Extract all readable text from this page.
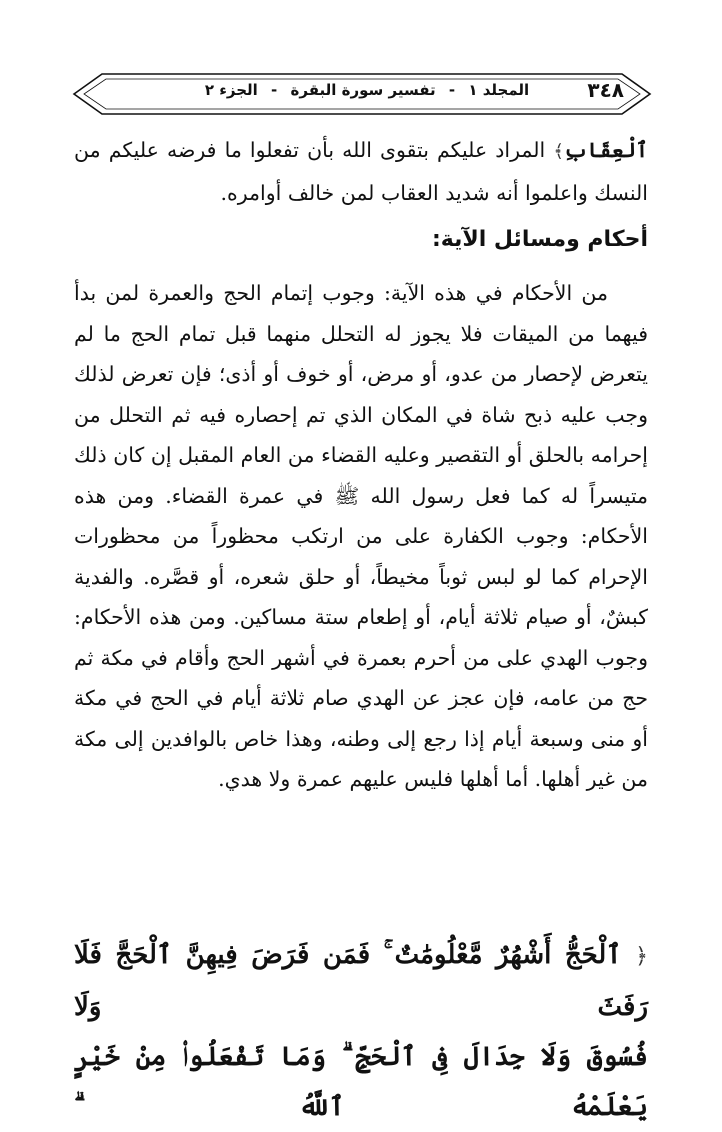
٣٤٨
المجلد ١ - تفسير سورة البقرة - الجزء ٢

ٱلْعِقَابِ﴾ المراد عليكم بتقوى الله بأن تفعلوا ما فرضه عليكم من النسك واعلموا أنه شديد العقاب لمن خالف أوامره.

أحكام ومسائل الآية:

من الأحكام في هذه الآية: وجوب إتمام الحج والعمرة لمن بدأ فيهما من الميقات فلا يجوز له التحلل منهما قبل تمام الحج ما لم يتعرض لإحصار من عدو، أو مرض، أو خوف أو أذى؛ فإن تعرض لذلك وجب عليه ذبح شاة في المكان الذي تم إحصاره فيه ثم التحلل من إحرامه بالحلق أو التقصير وعليه القضاء من العام المقبل إن كان ذلك متيسراً له كما فعل رسول الله ﷺ في عمرة القضاء. ومن هذه الأحكام: وجوب الكفارة على من ارتكب محظوراً من محظورات الإحرام كما لو لبس ثوباً مخيطاً، أو حلق شعره، أو قصَّره. والفدية كبشٌ، أو صيام ثلاثة أيام، أو إطعام ستة مساكين. ومن هذه الأحكام: وجوب الهدي على من أحرم بعمرة في أشهر الحج وأقام في مكة ثم حج من عامه، فإن عجز عن الهدي صام ثلاثة أيام في الحج في مكة أو منى وسبعة أيام إذا رجع إلى وطنه، وهذا خاص بالوافدين إلى مكة من غير أهلها. أما أهلها فليس عليهم عمرة ولا هدي.

﴿ ٱلْحَجُّ أَشْهُرٌ مَّعْلُومَٰتٌ ۚ فَمَن فَرَضَ فِيهِنَّ ٱلْحَجَّ فَلَا رَفَثَ وَلَا
فُسُوقَ وَلَا جِدَالَ فِى ٱلْحَجِّ ۗ وَمَا تَفْعَلُوا۟ مِنْ خَيْرٍ يَعْلَمْهُ ٱللَّهُ ۗ
